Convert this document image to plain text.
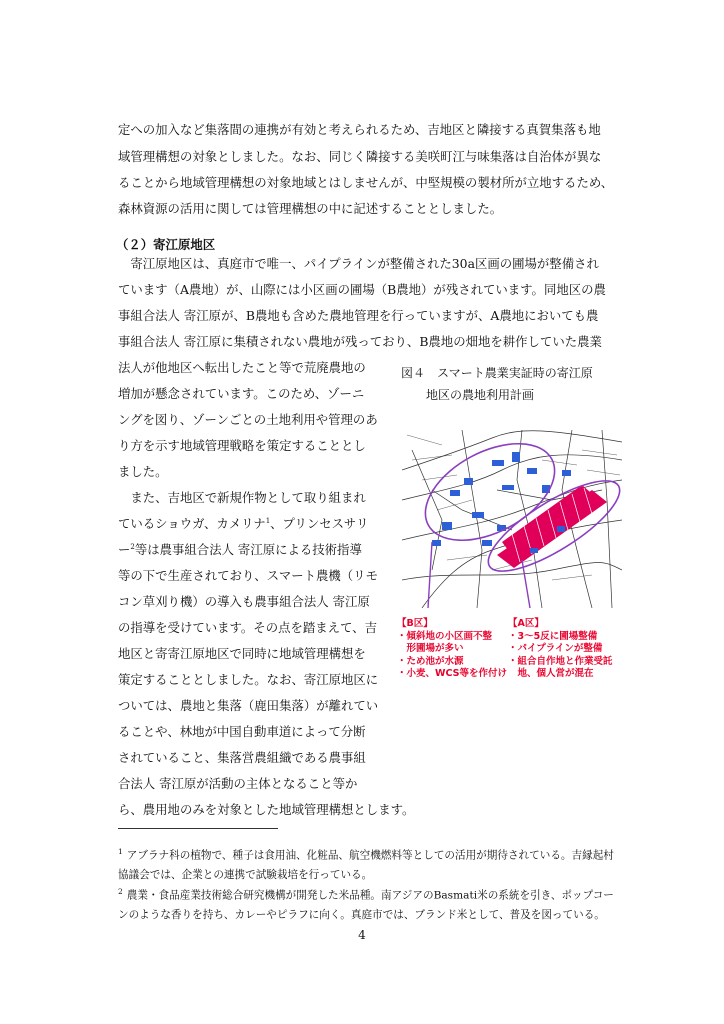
定への加入など集落間の連携が有効と考えられるため、吉地区と隣接する真賀集落も地
域管理構想の対象としました。なお、同じく隣接する美咲町江与味集落は自治体が異な
ることから地域管理構想の対象地域とはしませんが、中堅規模の製材所が立地するため、
森林資源の活用に関しては管理構想の中に記述することとしました。
（２）寄江原地区
　寄江原地区は、真庭市で唯一、パイプラインが整備された30a区画の圃場が整備され
ています（A農地）が、山際には小区画の圃場（B農地）が残されています。同地区の農
事組合法人 寄江原が、B農地も含めた農地管理を行っていますが、A農地においても農
事組合法人 寄江原に集積されない農地が残っており、B農地の畑地を耕作していた農業
法人が他地区へ転出したこと等で荒廃農地の
増加が懸念されています。このため、ゾーニ
ングを図り、ゾーンごとの土地利用や管理のあ
り方を示す地域管理戦略を策定することとし
ました。
　また、吉地区で新規作物として取り組まれ
ているショウガ、カメリナ$^1$、プリンセスサリ
ー$^2$等は農事組合法人 寄江原による技術指導
等の下で生産されており、スマート農機（リモ
コン草刈り機）の導入も農事組合法人 寄江原
の指導を受けています。その点を踏まえて、吉
地区と寄寄江原地区で同時に地域管理構想を
策定することとしました。なお、寄江原地区に
ついては、農地と集落（鹿田集落）が離れてい
ることや、林地が中国自動車道によって分断
されていること、集落営農組織である農事組
合法人 寄江原が活動の主体となること等か
ら、農用地のみを対象とした地域管理構想とします。
図４　スマート農業実証時の寄江原
地区の農地利用計画
【B区】
・傾斜地の小区画不整
　形圃場が多い
・ため池が水源
・小麦、WCS等を作付け
【A区】
・3～5反に圃場整備
・パイプラインが整備
・組合自作地と作業受託
　地、個人営が混在
$^1$ アブラナ科の植物で、種子は食用油、化粧品、航空機燃料等としての活用が期待されている。吉縁起村協議会では、企業との連携で試験栽培を行っている。
$^2$ 農業・食品産業技術総合研究機構が開発した米品種。南アジアのBasmati米の系統を引き、ポップコーンのような香りを持ち、カレーやピラフに向く。真庭市では、ブランド米として、普及を図っている。
4
